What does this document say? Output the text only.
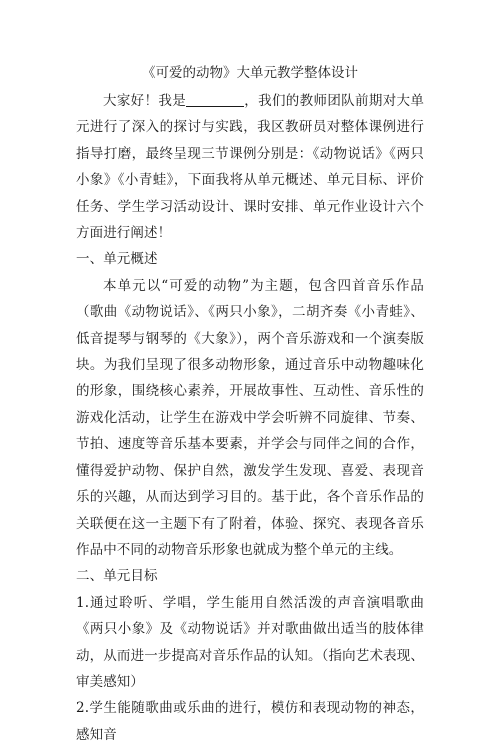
《可爱的动物》大单元教学整体设计

大家好！我是	，我们的教师团队前期对大单元进行了深入的探讨与实践，我区教研员对整体课例进行指导打磨，最终呈现三节课例分别是：《动物说话》《两只小象》《小青蛙》，下面我将从单元概述、单元目标、评价任务、学生学习活动设计、课时安排、单元作业设计六个方面进行阐述！

一、单元概述

本单元以“可爱的动物”为主题，包含四首音乐作品（歌曲《动物说话》、《两只小象》，二胡齐奏《小青蛙》、低音提琴与钢琴的《大象》），两个音乐游戏和一个演奏版块。为我们呈现了很多动物形象，通过音乐中动物趣味化的形象，围绕核心素养，开展故事性、互动性、音乐性的游戏化活动，让学生在游戏中学会听辨不同旋律、节奏、节拍、速度等音乐基本要素，并学会与同伴之间的合作，懂得爱护动物、保护自然，激发学生发现、喜爱、表现音乐的兴趣，从而达到学习目的。基于此，各个音乐作品的关联便在这一主题下有了附着，体验、探究、表现各音乐作品中不同的动物音乐形象也就成为整个单元的主线。

二、单元目标

1.通过聆听、学唱，学生能用自然活泼的声音演唱歌曲《两只小象》及《动物说话》并对歌曲做出适当的肢体律动，从而进一步提高对音乐作品的认知。（指向艺术表现、审美感知）

2.学生能随歌曲或乐曲的进行，模仿和表现动物的神态，感知音
